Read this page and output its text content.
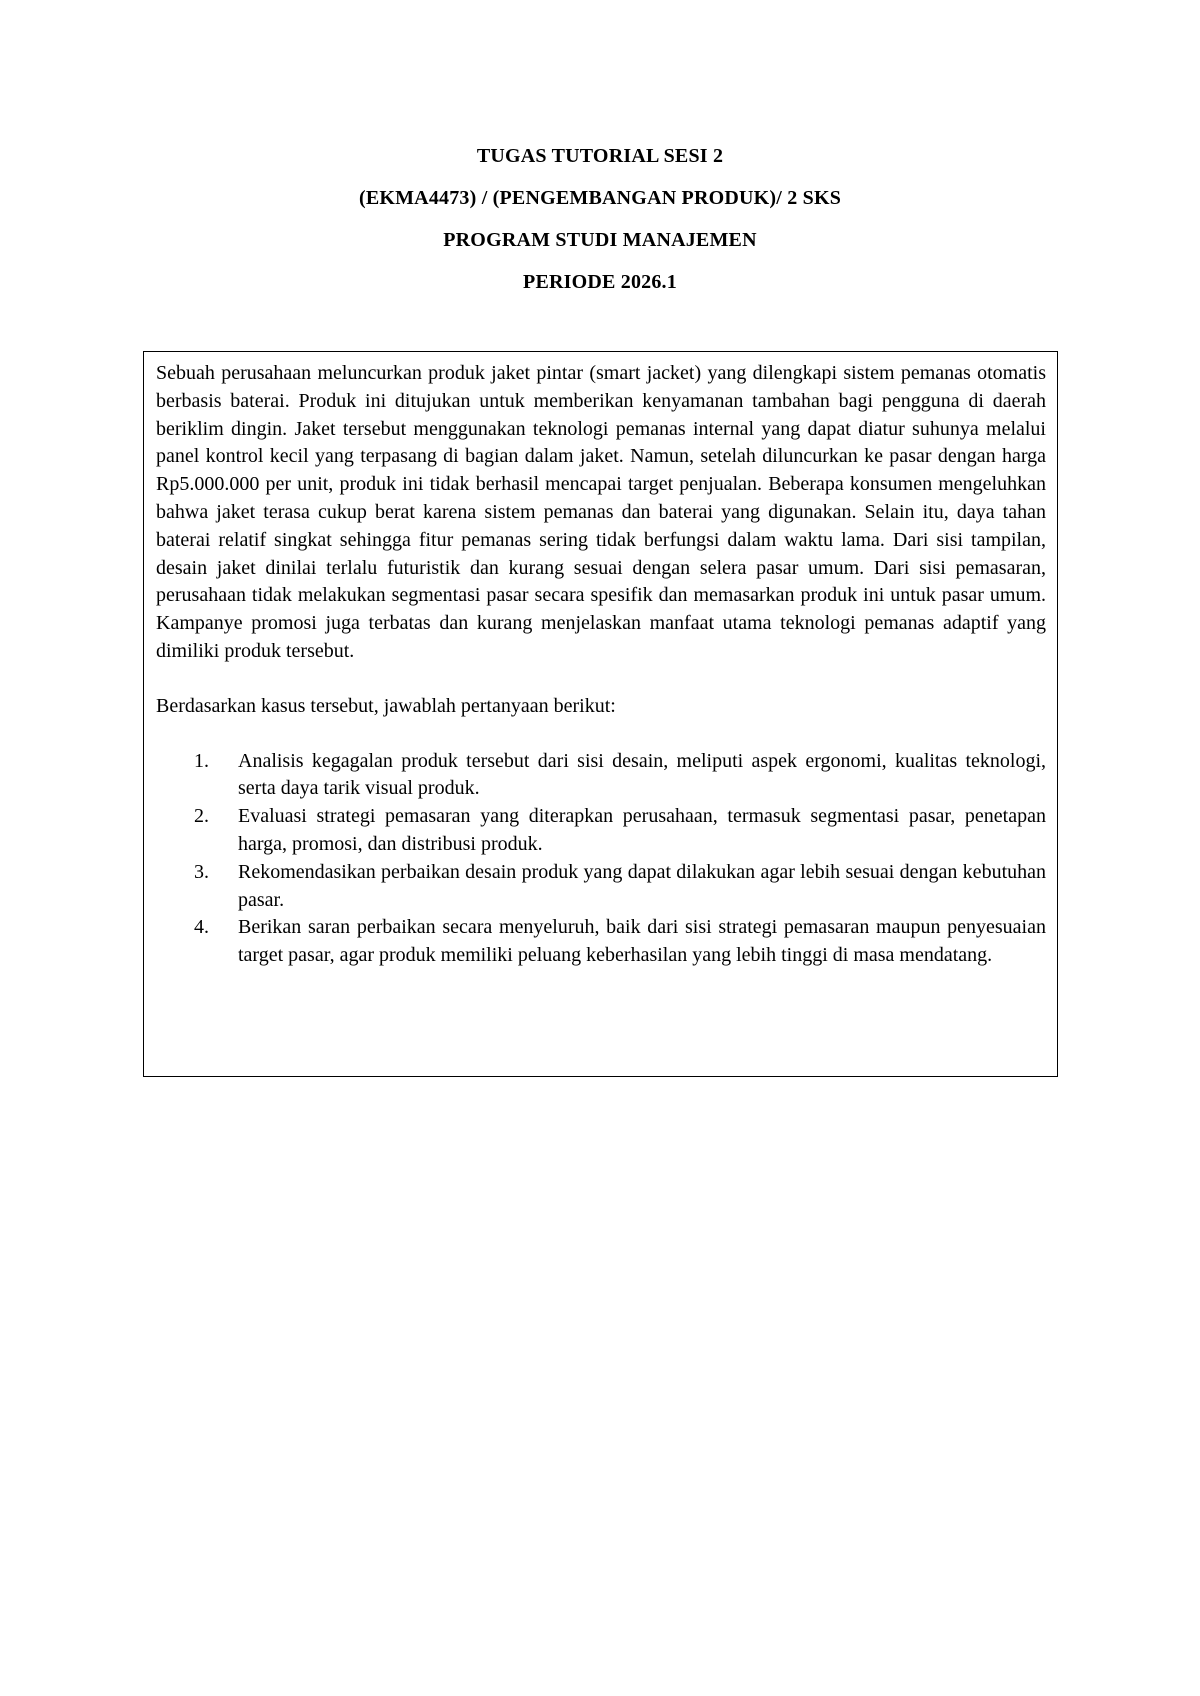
TUGAS TUTORIAL SESI 2

(EKMA4473) / (PENGEMBANGAN PRODUK)/ 2 SKS

PROGRAM STUDI MANAJEMEN

PERIODE 2026.1

Sebuah perusahaan meluncurkan produk jaket pintar (smart jacket) yang dilengkapi sistem pemanas otomatis berbasis baterai. Produk ini ditujukan untuk memberikan kenyamanan tambahan bagi pengguna di daerah beriklim dingin. Jaket tersebut menggunakan teknologi pemanas internal yang dapat diatur suhunya melalui panel kontrol kecil yang terpasang di bagian dalam jaket. Namun, setelah diluncurkan ke pasar dengan harga Rp5.000.000 per unit, produk ini tidak berhasil mencapai target penjualan. Beberapa konsumen mengeluhkan bahwa jaket terasa cukup berat karena sistem pemanas dan baterai yang digunakan. Selain itu, daya tahan baterai relatif singkat sehingga fitur pemanas sering tidak berfungsi dalam waktu lama. Dari sisi tampilan, desain jaket dinilai terlalu futuristik dan kurang sesuai dengan selera pasar umum. Dari sisi pemasaran, perusahaan tidak melakukan segmentasi pasar secara spesifik dan memasarkan produk ini untuk pasar umum. Kampanye promosi juga terbatas dan kurang menjelaskan manfaat utama teknologi pemanas adaptif yang dimiliki produk tersebut.

Berdasarkan kasus tersebut, jawablah pertanyaan berikut:

1.	Analisis kegagalan produk tersebut dari sisi desain, meliputi aspek ergonomi, kualitas teknologi, serta daya tarik visual produk.
2.	Evaluasi strategi pemasaran yang diterapkan perusahaan, termasuk segmentasi pasar, penetapan harga, promosi, dan distribusi produk.
3.	Rekomendasikan perbaikan desain produk yang dapat dilakukan agar lebih sesuai dengan kebutuhan pasar.
4.	Berikan saran perbaikan secara menyeluruh, baik dari sisi strategi pemasaran maupun penyesuaian target pasar, agar produk memiliki peluang keberhasilan yang lebih tinggi di masa mendatang.
